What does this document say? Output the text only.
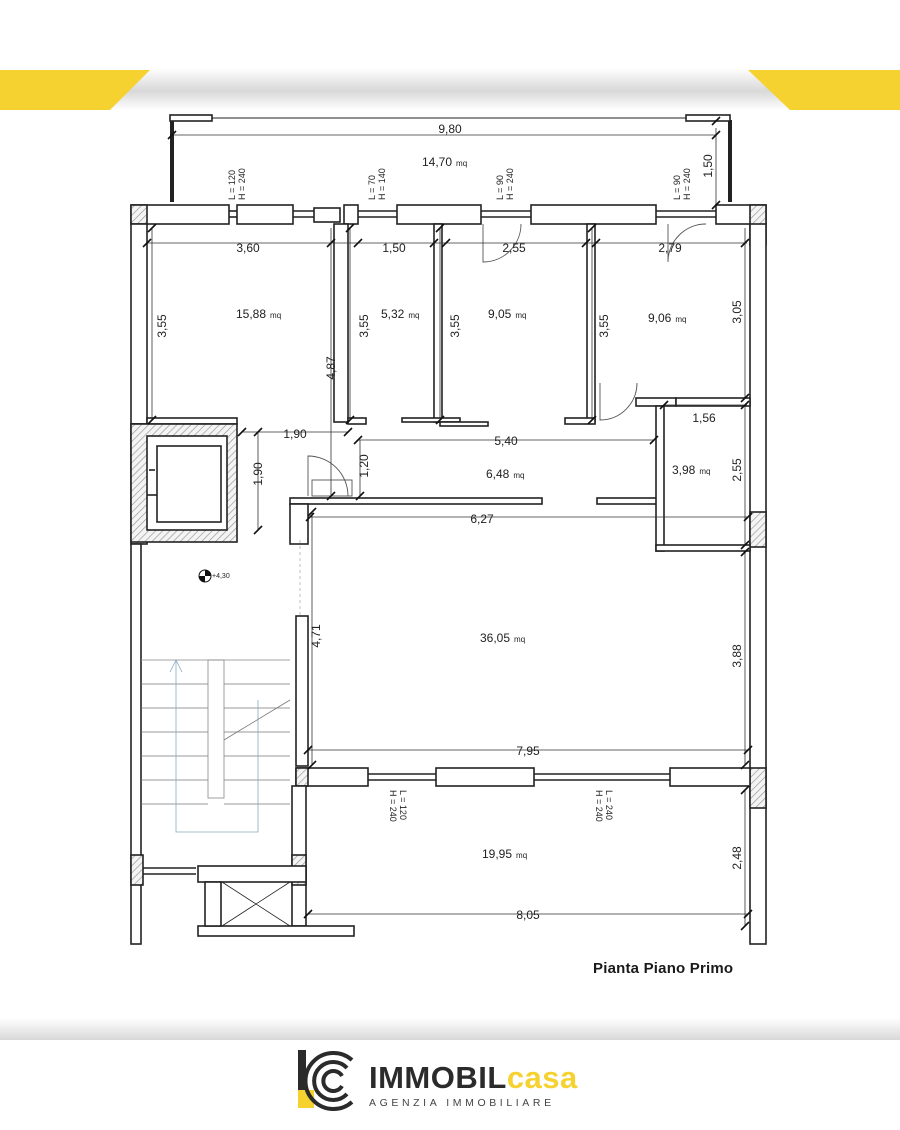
+4,30
9,80
1,50
3,60	1,50	2,55	2,79
3,55	3,55	3,55	3,55
3,05
4,87
1,90
1,90
5,40
1,20
1,56
2,55
6,27
4,71
3,88
7,95
2,48
8,05
14,70 mq
15,88 mq	5,32 mq	9,05 mq	9,06 mq
6,48 mq	3,98 mq
36,05 mq
19,95 mq
L = 120 H = 240	L = 70 H = 140	L = 90 H = 240	L = 90 H = 240
L = 120
H = 240	L = 240
H = 240
Pianta Piano Primo
IMMOBILcasa
AGENZIA IMMOBILIARE
